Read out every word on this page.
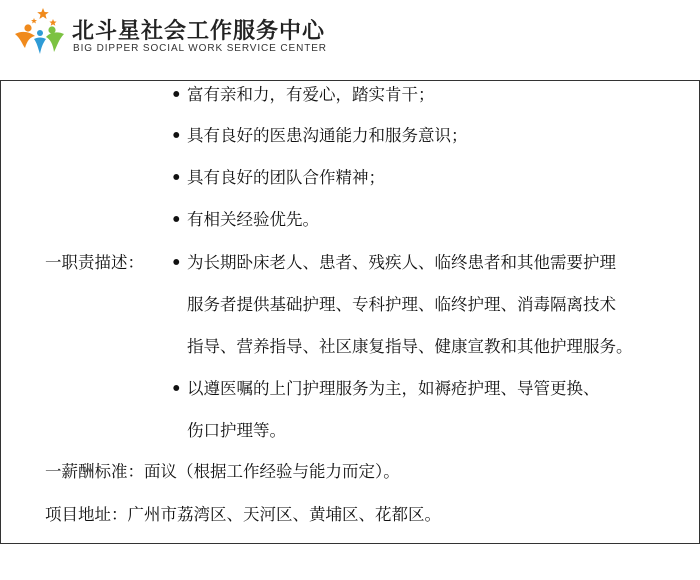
北斗星社会工作服务中心
BIG DIPPER SOCIAL WORK SERVICE CENTER
• 富有亲和力，有爱心，踏实肯干；
• 具有良好的医患沟通能力和服务意识；
• 具有良好的团队合作精神；
• 有相关经验优先。
一职责描述： • 为长期卧床老人、患者、残疾人、临终患者和其他需要护理
服务者提供基础护理、专科护理、临终护理、消毒隔离技术
指导、营养指导、社区康复指导、健康宣教和其他护理服务。
• 以遵医嘱的上门护理服务为主，如褥疮护理、导管更换、
伤口护理等。
一薪酬标准：面议（根据工作经验与能力而定）。
项目地址：广州市荔湾区、天河区、黄埔区、花都区。
